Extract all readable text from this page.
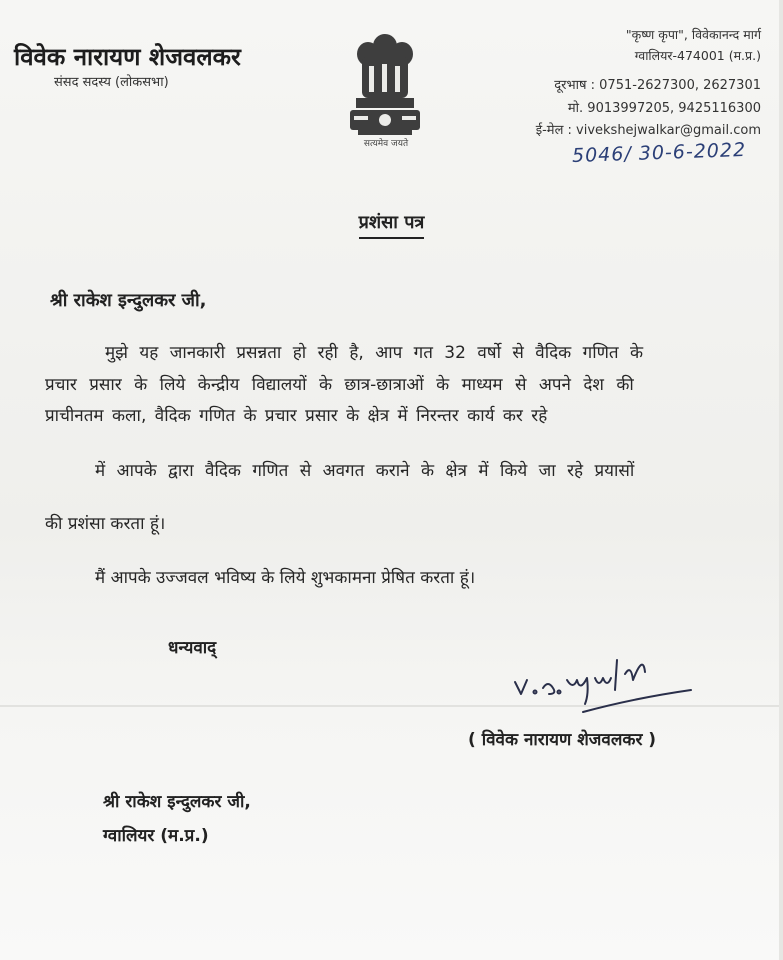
विवेक नारायण शेजवलकर
संसद सदस्य (लोकसभा)
सत्यमेव जयते
"कृष्ण कृपा", विवेकानन्द मार्ग
ग्वालियर-474001 (म.प्र.)
दूरभाष : 0751-2627300, 2627301
मो. 9013997205, 9425116300
ई-मेल : vivekshejwalkar@gmail.com
5046/ 30-6-2022
प्रशंसा पत्र
श्री राकेश इन्दुलकर जी,
मुझे यह जानकारी प्रसन्नता हो रही है, आप गत 32 वर्षो से वैदिक गणित के
प्रचार प्रसार के लिये केन्द्रीय विद्यालयों के छात्र-छात्राओं के माध्यम से अपने देश की
प्राचीनतम कला, वैदिक गणित के प्रचार प्रसार के क्षेत्र में निरन्तर कार्य कर रहे
में आपके द्वारा वैदिक गणित से अवगत कराने के क्षेत्र में किये जा रहे प्रयासों
की प्रशंसा करता हूं।
मैं आपके उज्जवल भविष्य के लिये शुभकामना प्रेषित करता हूं।
धन्यवाद्
( विवेक नारायण शेजवलकर )
श्री राकेश इन्दुलकर जी,
ग्वालियर (म.प्र.)
